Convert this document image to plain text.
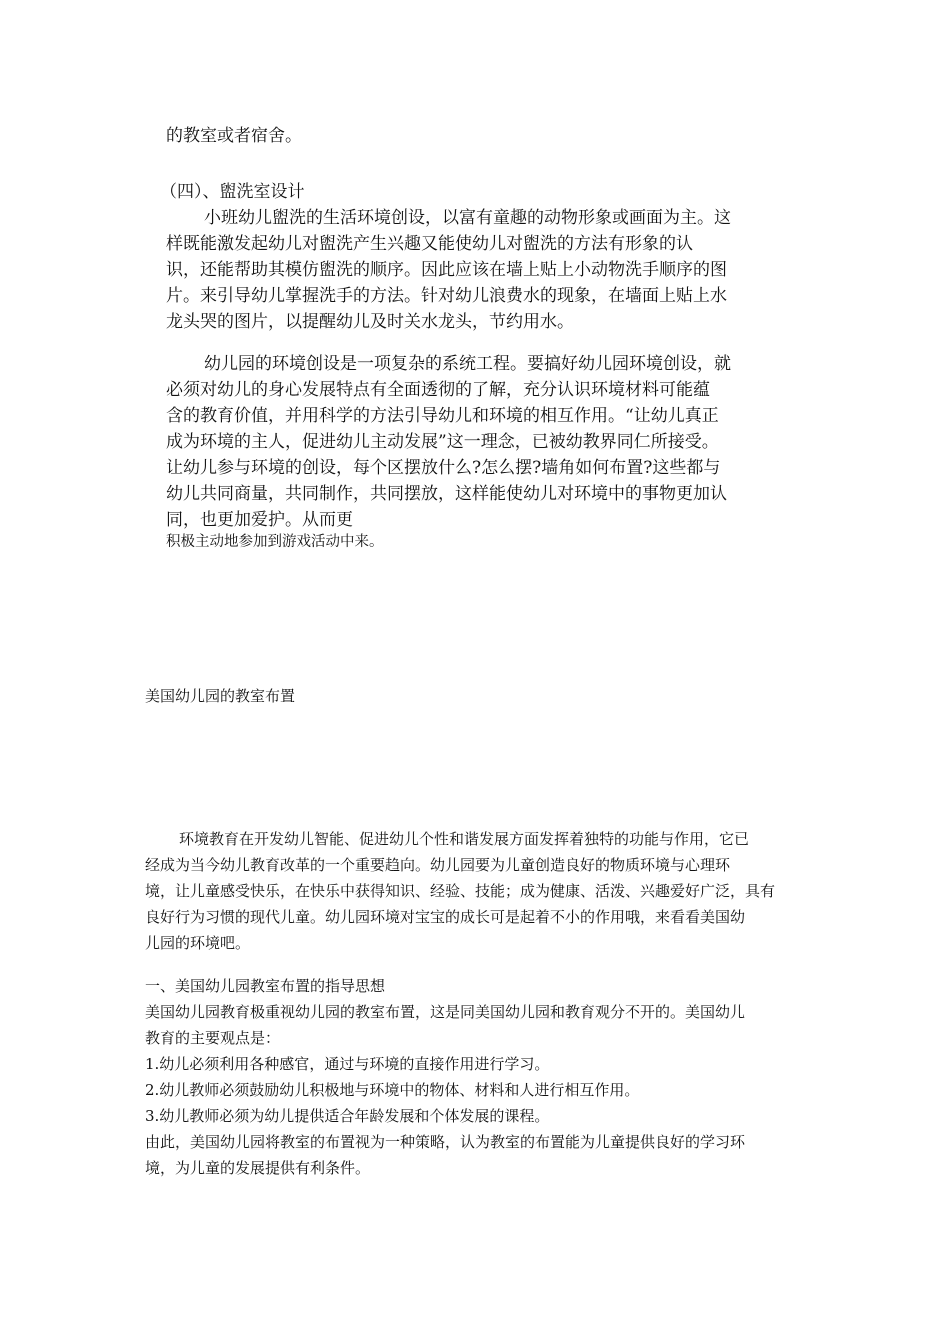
的教室或者宿舍。
（四）、盥洗室设计
小班幼儿盥洗的生活环境创设，以富有童趣的动物形象或画面为主。这
样既能激发起幼儿对盥洗产生兴趣又能使幼儿对盥洗的方法有形象的认
识，还能帮助其模仿盥洗的顺序。因此应该在墙上贴上小动物洗手顺序的图
片。来引导幼儿掌握洗手的方法。针对幼儿浪费水的现象，在墙面上贴上水
龙头哭的图片，以提醒幼儿及时关水龙头，节约用水。
幼儿园的环境创设是一项复杂的系统工程。要搞好幼儿园环境创设，就
必须对幼儿的身心发展特点有全面透彻的了解，充分认识环境材料可能蕴
含的教育价值，并用科学的方法引导幼儿和环境的相互作用。“让幼儿真正
成为环境的主人，促进幼儿主动发展”这一理念，已被幼教界同仁所接受。
让幼儿参与环境的创设，每个区摆放什么?怎么摆?墙角如何布置?这些都与
幼儿共同商量，共同制作，共同摆放，这样能使幼儿对环境中的事物更加认
同，也更加爱护。从而更
积极主动地参加到游戏活动中来。
美国幼儿园的教室布置
环境教育在开发幼儿智能、促进幼儿个性和谐发展方面发挥着独特的功能与作用，它已
经成为当今幼儿教育改革的一个重要趋向。幼儿园要为儿童创造良好的物质环境与心理环
境，让儿童感受快乐，在快乐中获得知识、经验、技能；成为健康、活泼、兴趣爱好广泛，具有
良好行为习惯的现代儿童。幼儿园环境对宝宝的成长可是起着不小的作用哦，来看看美国幼
儿园的环境吧。
一、美国幼儿园教室布置的指导思想
美国幼儿园教育极重视幼儿园的教室布置，这是同美国幼儿园和教育观分不开的。美国幼儿
教育的主要观点是：
1.幼儿必须利用各种感官，通过与环境的直接作用进行学习。
2.幼儿教师必须鼓励幼儿积极地与环境中的物体、材料和人进行相互作用。
3.幼儿教师必须为幼儿提供适合年龄发展和个体发展的课程。
由此，美国幼儿园将教室的布置视为一种策略，认为教室的布置能为儿童提供良好的学习环
境，为儿童的发展提供有利条件。
